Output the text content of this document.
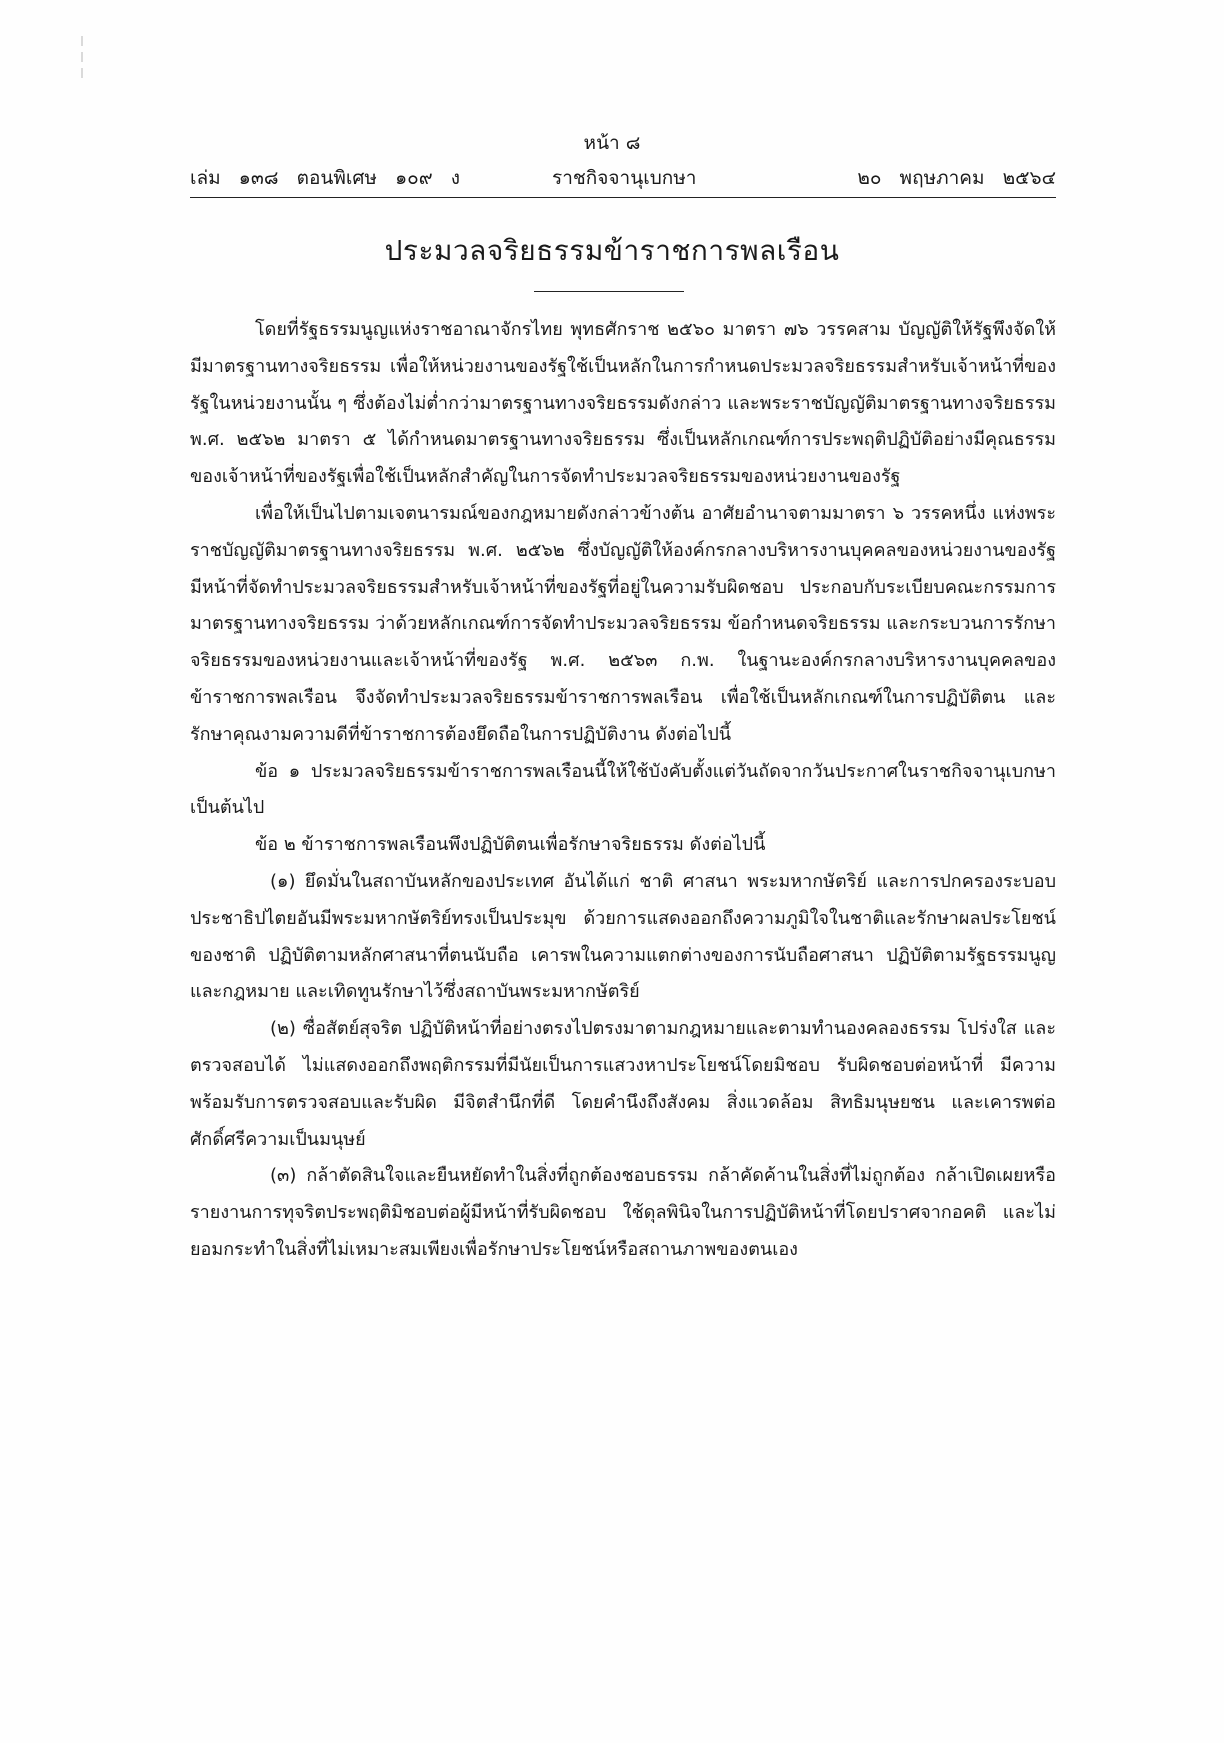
หน้า ๘
เล่ม   ๑๓๘   ตอนพิเศษ   ๑๐๙   ง	ราชกิจจานุเบกษา	๒๐   พฤษภาคม   ๒๕๖๔
ประมวลจริยธรรมข้าราชการพลเรือน

โดยที่รัฐธรรมนูญแห่งราชอาณาจักรไทย พุทธศักราช ๒๕๖๐ มาตรา ๗๖ วรรคสาม บัญญัติให้รัฐพึงจัดให้มีมาตรฐานทางจริยธรรม เพื่อให้หน่วยงานของรัฐใช้เป็นหลักในการกำหนดประมวลจริยธรรมสำหรับเจ้าหน้าที่ของรัฐในหน่วยงานนั้น ๆ ซึ่งต้องไม่ต่ำกว่ามาตรฐานทางจริยธรรมดังกล่าว และพระราชบัญญัติมาตรฐานทางจริยธรรม พ.ศ. ๒๕๖๒ มาตรา ๕ ได้กำหนดมาตรฐานทางจริยธรรม ซึ่งเป็นหลักเกณฑ์การประพฤติปฏิบัติอย่างมีคุณธรรมของเจ้าหน้าที่ของรัฐเพื่อใช้เป็นหลักสำคัญในการจัดทำประมวลจริยธรรมของหน่วยงานของรัฐ

เพื่อให้เป็นไปตามเจตนารมณ์ของกฎหมายดังกล่าวข้างต้น อาศัยอำนาจตามมาตรา ๖ วรรคหนึ่ง แห่งพระราชบัญญัติมาตรฐานทางจริยธรรม พ.ศ. ๒๕๖๒ ซึ่งบัญญัติให้องค์กรกลางบริหารงานบุคคลของหน่วยงานของรัฐมีหน้าที่จัดทำประมวลจริยธรรมสำหรับเจ้าหน้าที่ของรัฐที่อยู่ในความรับผิดชอบ ประกอบกับระเบียบคณะกรรมการมาตรฐานทางจริยธรรม ว่าด้วยหลักเกณฑ์การจัดทำประมวลจริยธรรม ข้อกำหนดจริยธรรม และกระบวนการรักษาจริยธรรมของหน่วยงานและเจ้าหน้าที่ของรัฐ พ.ศ. ๒๕๖๓ ก.พ. ในฐานะองค์กรกลางบริหารงานบุคคลของข้าราชการพลเรือน จึงจัดทำประมวลจริยธรรมข้าราชการพลเรือน เพื่อใช้เป็นหลักเกณฑ์ในการปฏิบัติตน และรักษาคุณงามความดีที่ข้าราชการต้องยึดถือในการปฏิบัติงาน ดังต่อไปนี้

ข้อ ๑ ประมวลจริยธรรมข้าราชการพลเรือนนี้ให้ใช้บังคับตั้งแต่วันถัดจากวันประกาศในราชกิจจานุเบกษาเป็นต้นไป

ข้อ ๒ ข้าราชการพลเรือนพึงปฏิบัติตนเพื่อรักษาจริยธรรม ดังต่อไปนี้

(๑) ยึดมั่นในสถาบันหลักของประเทศ อันได้แก่ ชาติ ศาสนา พระมหากษัตริย์ และการปกครองระบอบประชาธิปไตยอันมีพระมหากษัตริย์ทรงเป็นประมุข ด้วยการแสดงออกถึงความภูมิใจในชาติและรักษาผลประโยชน์ของชาติ ปฏิบัติตามหลักศาสนาที่ตนนับถือ เคารพในความแตกต่างของการนับถือศาสนา ปฏิบัติตามรัฐธรรมนูญและกฎหมาย และเทิดทูนรักษาไว้ซึ่งสถาบันพระมหากษัตริย์

(๒) ซื่อสัตย์สุจริต ปฏิบัติหน้าที่อย่างตรงไปตรงมาตามกฎหมายและตามทำนองคลองธรรม โปร่งใส และตรวจสอบได้ ไม่แสดงออกถึงพฤติกรรมที่มีนัยเป็นการแสวงหาประโยชน์โดยมิชอบ รับผิดชอบต่อหน้าที่ มีความพร้อมรับการตรวจสอบและรับผิด มีจิตสำนึกที่ดี โดยคำนึงถึงสังคม สิ่งแวดล้อม สิทธิมนุษยชน และเคารพต่อศักดิ์ศรีความเป็นมนุษย์

(๓) กล้าตัดสินใจและยืนหยัดทำในสิ่งที่ถูกต้องชอบธรรม กล้าคัดค้านในสิ่งที่ไม่ถูกต้อง กล้าเปิดเผยหรือรายงานการทุจริตประพฤติมิชอบต่อผู้มีหน้าที่รับผิดชอบ ใช้ดุลพินิจในการปฏิบัติหน้าที่โดยปราศจากอคติ และไม่ยอมกระทำในสิ่งที่ไม่เหมาะสมเพียงเพื่อรักษาประโยชน์หรือสถานภาพของตนเอง
